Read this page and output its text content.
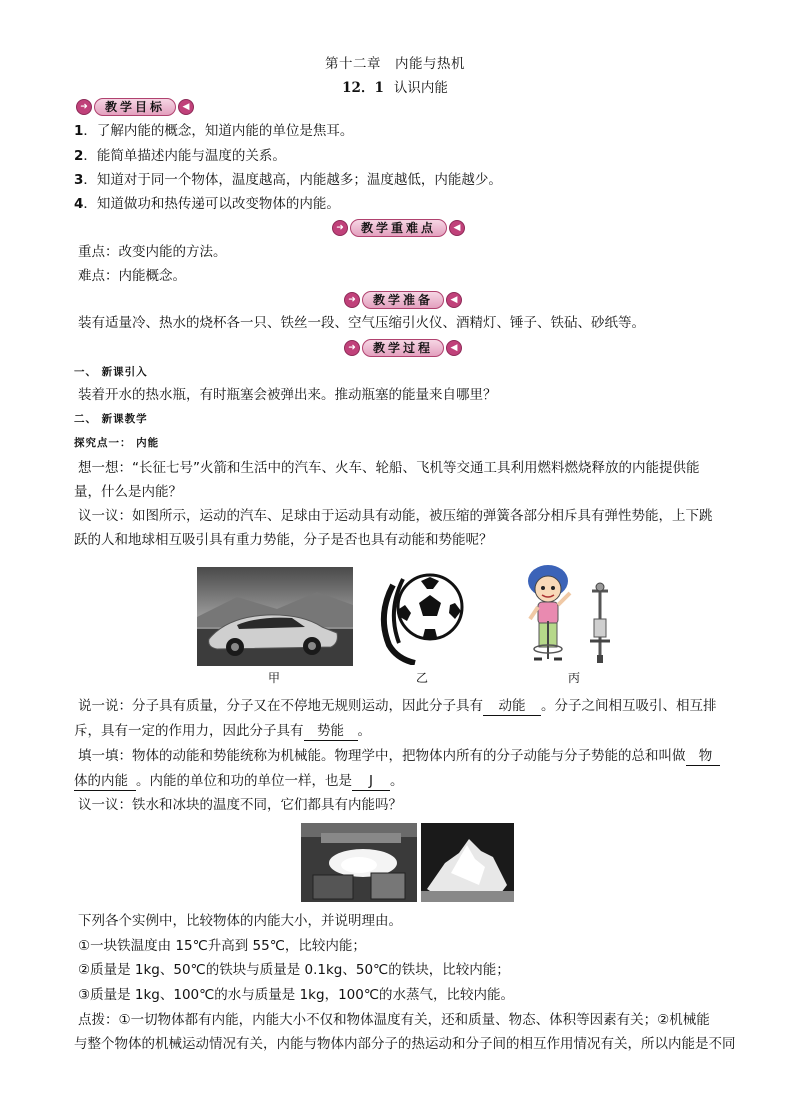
第十二章　内能与热机
12．1 认识内能
➜	教学目标	◀
1．了解内能的概念，知道内能的单位是焦耳。
2．能简单描述内能与温度的关系。
3．知道对于同一个物体，温度越高，内能越多；温度越低，内能越少。
4．知道做功和热传递可以改变物体的内能。
➜	教学重难点	◀
重点：改变内能的方法。
难点：内能概念。
➜	教学准备	◀
装有适量冷、热水的烧杯各一只、铁丝一段、空气压缩引火仪、酒精灯、锤子、铁砧、砂纸等。
➜	教学过程	◀
一、 新课引入
装着开水的热水瓶，有时瓶塞会被弹出来。推动瓶塞的能量来自哪里？
二、 新课教学
探究点一： 内能
想一想：“长征七号”火箭和生活中的汽车、火车、轮船、飞机等交通工具利用燃料燃烧释放的内能提供能
量，什么是内能？
议一议：如图所示，运动的汽车、足球由于运动具有动能，被压缩的弹簧各部分相斥具有弹性势能，上下跳
跃的人和地球相互吸引具有重力势能，分子是否也具有动能和势能呢？
甲	乙	丙
说一说：分子具有质量，分子又在不停地无规则运动，因此分子具有 动能 。分子之间相互吸引、相互排
斥，具有一定的作用力，因此分子具有 势能 。
填一填：物体的动能和势能统称为机械能。物理学中，把物体内所有的分子动能与分子势能的总和叫做 物
体的内能 。内能的单位和功的单位一样，也是 J 。
议一议：铁水和冰块的温度不同，它们都具有内能吗？
下列各个实例中，比较物体的内能大小，并说明理由。
①一块铁温度由 15℃升高到 55℃，比较内能；
②质量是 1kg、50℃的铁块与质量是 0.1kg、50℃的铁块，比较内能；
③质量是 1kg、100℃的水与质量是 1kg，100℃的水蒸气，比较内能。
点拨：①一切物体都有内能，内能大小不仅和物体温度有关，还和质量、物态、体积等因素有关；②机械能
与整个物体的机械运动情况有关，内能与物体内部分子的热运动和分子间的相互作用情况有关，所以内能是不同
